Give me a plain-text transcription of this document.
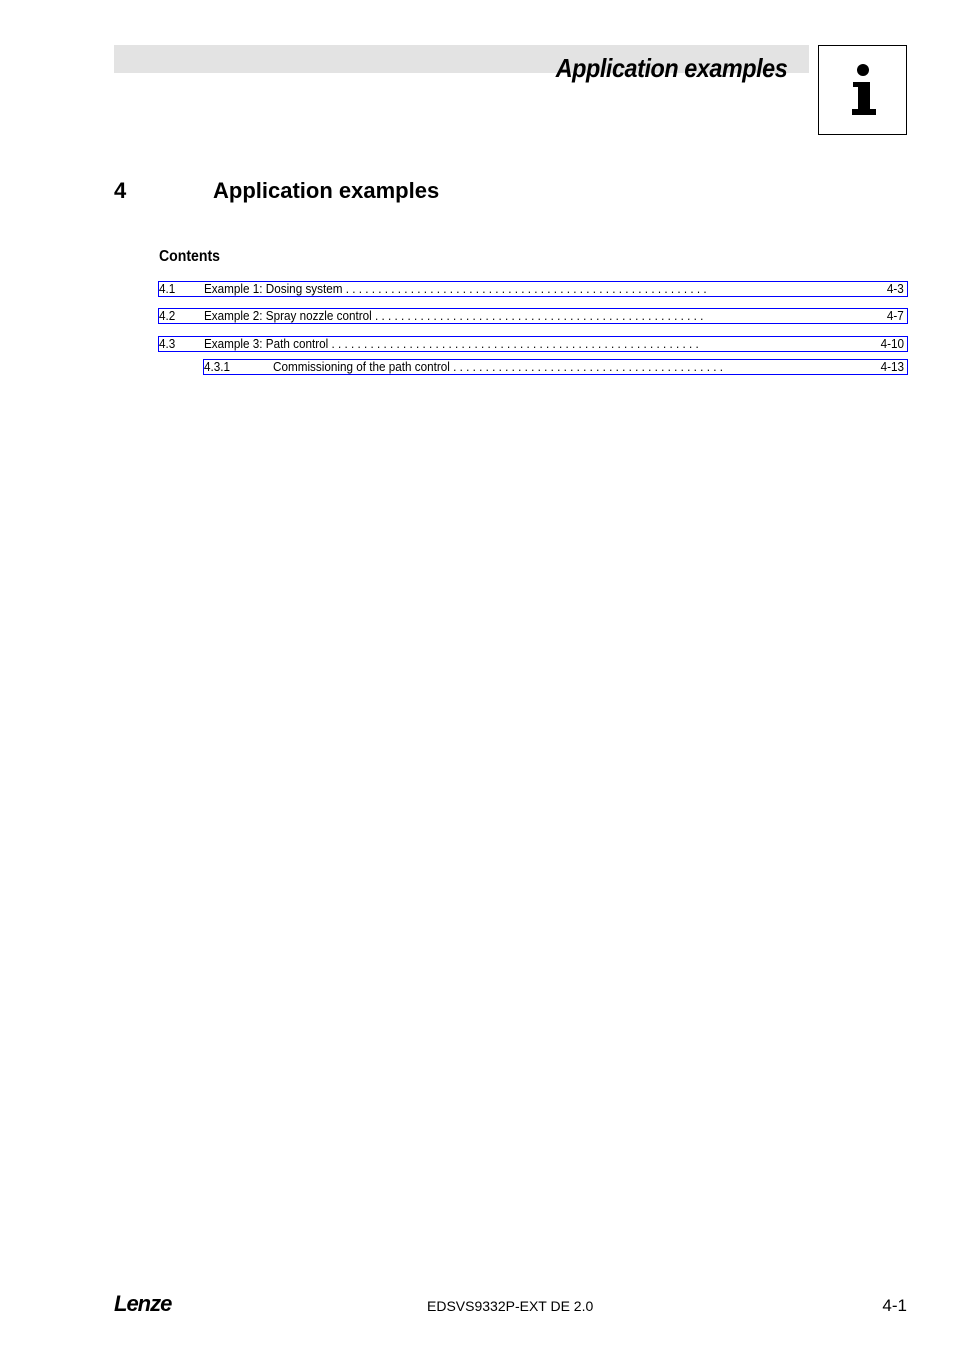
Application examples
4	Application examples
Contents
4.1 Example 1: Dosing system . . . . . . . . . . . . . . . . . . . . . . . . . . . . . . . . . . . . . . . . . . . . . . . . . . . . . . . .	4-3
4.2 Example 2: Spray nozzle control . . . . . . . . . . . . . . . . . . . . . . . . . . . . . . . . . . . . . . . . . . . . . . . . . . .	4-7
4.3 Example 3: Path control . . . . . . . . . . . . . . . . . . . . . . . . . . . . . . . . . . . . . . . . . . . . . . . . . . . . . . . . .	4-10
4.3.1	Commissioning of the path control . . . . . . . . . . . . . . . . . . . . . . . . . . . . . . . . . . . . . . . . . .	4-13
Lenze	EDSVS9332P-EXT DE 2.0	4-1
